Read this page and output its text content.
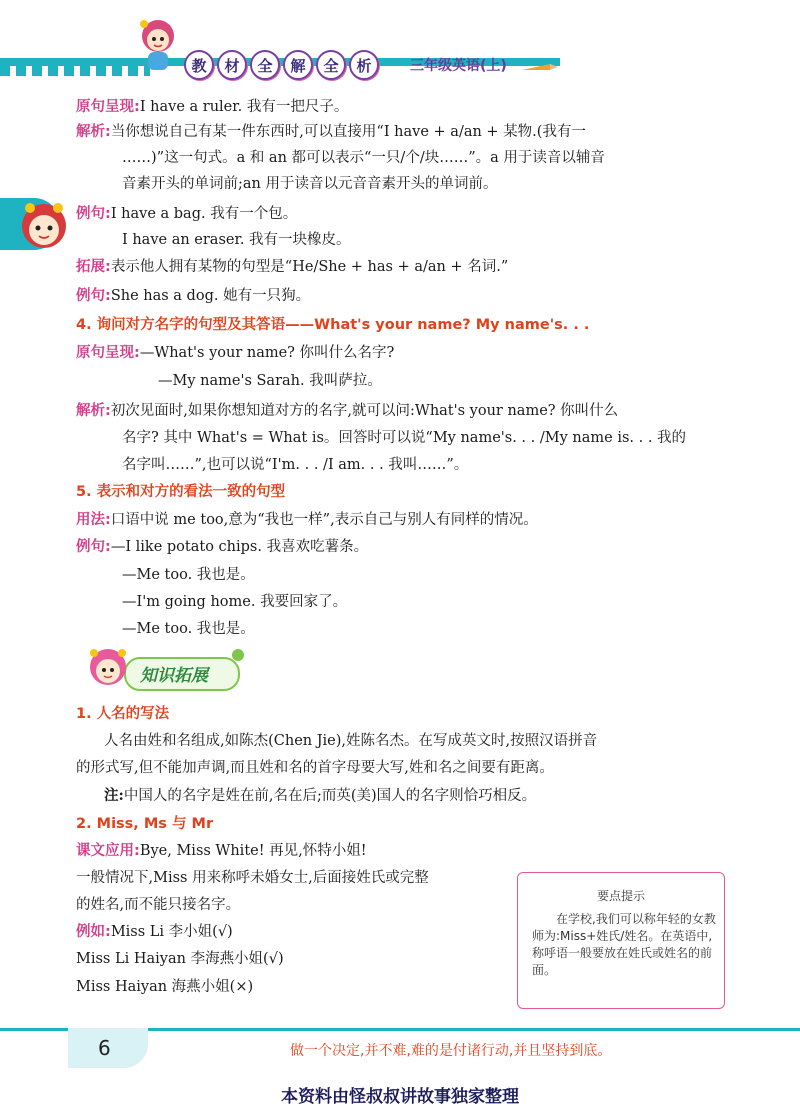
教	材	全	解	全	析	三年级英语(上)
原句呈现:I have a ruler. 我有一把尺子。
解析:当你想说自己有某一件东西时,可以直接用“I have + a/an + 某物.(我有一
……)”这一句式。a 和 an 都可以表示“一只/个/块……”。a 用于读音以辅音
音素开头的单词前;an 用于读音以元音音素开头的单词前。
例句:I have a bag. 我有一个包。
I have an eraser. 我有一块橡皮。
拓展:表示他人拥有某物的句型是“He/She + has + a/an + 名词.”
例句:She has a dog. 她有一只狗。
4. 询问对方名字的句型及其答语——What's your name? My name's. . .
原句呈现:—What's your name? 你叫什么名字?
—My name's Sarah. 我叫萨拉。
解析:初次见面时,如果你想知道对方的名字,就可以问:What's your name? 你叫什么
名字? 其中 What's = What is。回答时可以说“My name's. . . /My name is. . . 我的
名字叫……”,也可以说“I'm. . . /I am. . . 我叫……”。
5. 表示和对方的看法一致的句型
用法:口语中说 me too,意为“我也一样”,表示自己与别人有同样的情况。
例句:—I like potato chips. 我喜欢吃薯条。
—Me too. 我也是。
—I'm going home. 我要回家了。
—Me too. 我也是。
知识拓展
1. 人名的写法
人名由姓和名组成,如陈杰(Chen Jie),姓陈名杰。在写成英文时,按照汉语拼音
的形式写,但不能加声调,而且姓和名的首字母要大写,姓和名之间要有距离。
注:中国人的名字是姓在前,名在后;而英(美)国人的名字则恰巧相反。
2. Miss, Ms 与 Mr
课文应用:Bye, Miss White! 再见,怀特小姐!
一般情况下,Miss 用来称呼未婚女士,后面接姓氏或完整
的姓名,而不能只接名字。
例如:Miss Li 李小姐(√)
Miss Li Haiyan 李海燕小姐(√)
Miss Haiyan 海燕小姐(×)
要点提示
在学校,我们可以称年轻的女教师为:Miss+姓氏/姓名。在英语中,称呼语一般要放在姓氏或姓名的前面。
6	做一个决定,并不难,难的是付诸行动,并且坚持到底。
本资料由怪叔叔讲故事独家整理
